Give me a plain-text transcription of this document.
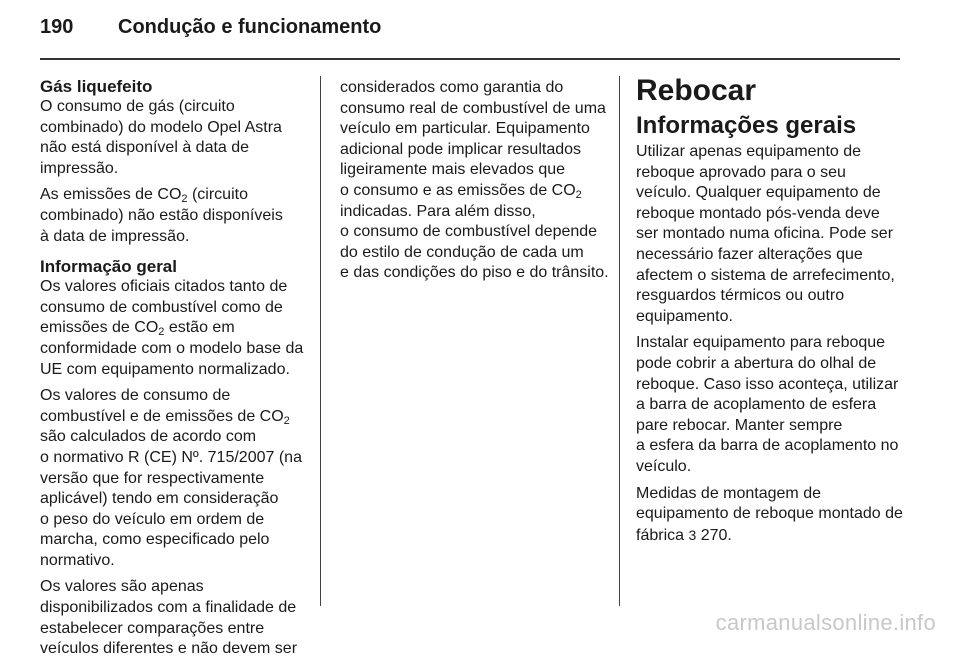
190 Condução e funcionamento
Gás liquefeito

O consumo de gás (circuito
combinado) do modelo Opel Astra
não está disponível à data de
impressão.

As emissões de $CO_2$ (circuito
combinado) não estão disponíveis
à data de impressão.

Informação geral

Os valores oficiais citados tanto de
consumo de combustível como de
emissões de $CO_2$ estão em
conformidade com o modelo base da
UE com equipamento normalizado.

Os valores de consumo de
combustível e de emissões de $CO_2$
são calculados de acordo com
o normativo R (CE) Nº. 715/2007 (na
versão que for respectivamente
aplicável) tendo em consideração
o peso do veículo em ordem de
marcha, como especificado pelo
normativo.

Os valores são apenas
disponibilizados com a finalidade de
estabelecer comparações entre
veículos diferentes e não devem ser

considerados como garantia do
consumo real de combustível de uma
veículo em particular. Equipamento
adicional pode implicar resultados
ligeiramente mais elevados que
o consumo e as emissões de $CO_2$
indicadas. Para além disso,
o consumo de combustível depende
do estilo de condução de cada um
e das condições do piso e do trânsito.

Rebocar
Informações gerais

Utilizar apenas equipamento de
reboque aprovado para o seu
veículo. Qualquer equipamento de
reboque montado pós-venda deve
ser montado numa oficina. Pode ser
necessário fazer alterações que
afectem o sistema de arrefecimento,
resguardos térmicos ou outro
equipamento.

Instalar equipamento para reboque
pode cobrir a abertura do olhal de
reboque. Caso isso aconteça, utilizar
a barra de acoplamento de esfera
pare rebocar. Manter sempre
a esfera da barra de acoplamento no
veículo.

Medidas de montagem de
equipamento de reboque montado de
fábrica 3 270.

carmanualsonline.info
